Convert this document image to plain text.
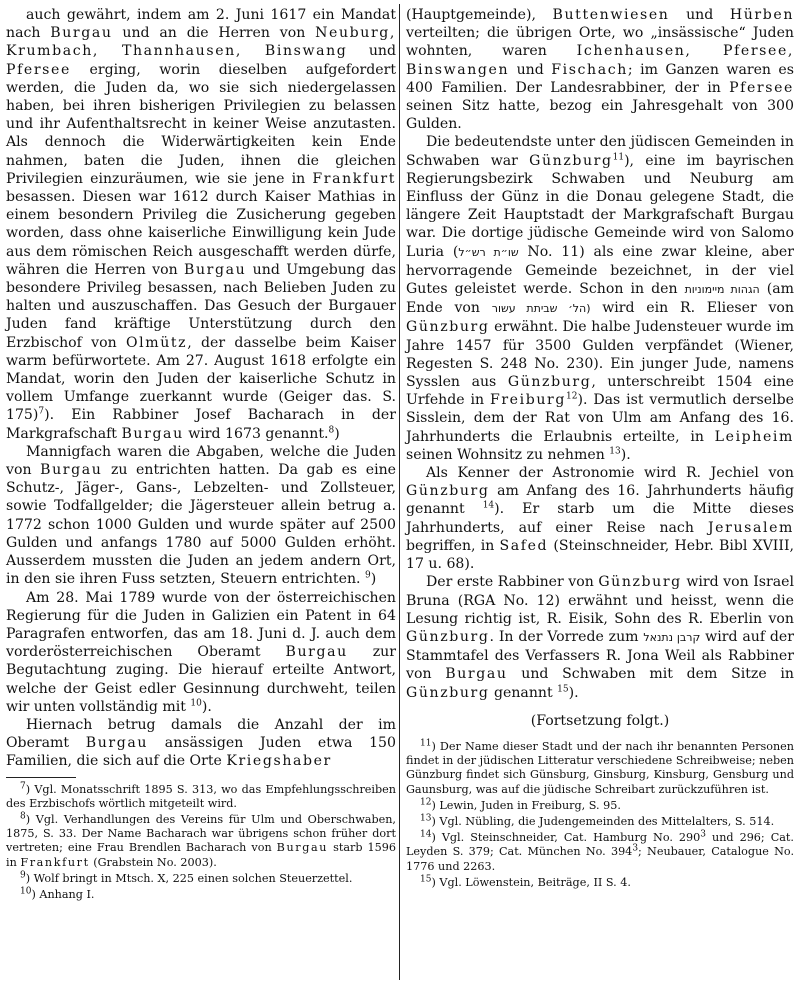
auch gewährt, indem am 2. Juni 1617 ein Mandat nach Burgau und an die Herren von Neuburg, Krumbach, Thannhausen, Binswang und Pfersee erging, worin dieselben aufgefordert werden, die Juden da, wo sie sich niedergelassen haben, bei ihren bisherigen Privilegien zu belassen und ihr Aufenthaltsrecht in keiner Weise anzutasten. Als dennoch die Widerwärtigkeiten kein Ende nahmen, baten die Juden, ihnen die gleichen Privilegien einzuräumen, wie sie jene in Frankfurt besassen. Diesen war 1612 durch Kaiser Mathias in einem besondern Privileg die Zusicherung gegeben worden, dass ohne kaiserliche Einwilligung kein Jude aus dem römischen Reich ausgeschafft werden dürfe, währen die Herren von Burgau und Umgebung das besondere Privileg besassen, nach Belieben Juden zu halten und auszuschaffen. Das Gesuch der Burgauer Juden fand kräftige Unterstützung durch den Erzbischof von Olmütz, der dasselbe beim Kaiser warm befürwortete. Am 27. August 1618 erfolgte ein Mandat, worin den Juden der kaiserliche Schutz in vollem Umfange zuerkannt wurde (Geiger das. S. 175)$^7$). Ein Rabbiner Josef Bacharach in der Markgrafschaft Burgau wird 1673 genannt.$^8$)

Mannigfach waren die Abgaben, welche die Juden von Burgau zu entrichten hatten. Da gab es eine Schutz-, Jäger-, Gans-, Lebzelten- und Zollsteuer, sowie Todfallgelder; die Jägersteuer allein betrug a. 1772 schon 1000 Gulden und wurde später auf 2500 Gulden und anfangs 1780 auf 5000 Gulden erhöht. Ausserdem mussten die Juden an jedem andern Ort, in den sie ihren Fuss setzten, Steuern entrichten. $^9$)

Am 28. Mai 1789 wurde von der österreichischen Regierung für die Juden in Galizien ein Patent in 64 Paragrafen entworfen, das am 18. Juni d. J. auch dem vorderösterreichischen Oberamt Burgau zur Begutachtung zuging. Die hierauf erteilte Antwort, welche der Geist edler Gesinnung durchweht, teilen wir unten vollständig mit $^{10}$).

Hiernach betrug damals die Anzahl der im Oberamt Burgau ansässigen Juden etwa 150 Familien, die sich auf die Orte Kriegshaber

$^7$) Vgl. Monatsschrift 1895 S. 313, wo das Empfehlungsschreiben des Erzbischofs wörtlich mitgeteilt wird.

$^8$) Vgl. Verhandlungen des Vereins für Ulm und Oberschwaben, 1875, S. 33. Der Name Bacharach war übrigens schon früher dort vertreten; eine Frau Brendlen Bacharach von Burgau starb 1596 in Frankfurt (Grabstein No. 2003).

$^9$) Wolf bringt in Mtsch. X, 225 einen solchen Steuerzettel.

$^{10}$) Anhang I.

(Hauptgemeinde), Buttenwiesen und Hürben verteilten; die übrigen Orte, wo „insässische“ Juden wohnten, waren Ichenhausen, Pfersee, Binswangen und Fischach; im Ganzen waren es 400 Familien. Der Landesrabbiner, der in Pfersee seinen Sitz hatte, bezog ein Jahresgehalt von 300 Gulden.

Die bedeutendste unter den jüdiscen Gemeinden in Schwaben war Günzburg$^{11}$), eine im bayrischen Regierungsbezirk Schwaben und Neuburg am Einfluss der Günz in die Donau gelegene Stadt, die längere Zeit Hauptstadt der Markgrafschaft Burgau war. Die dortige jüdische Gemeinde wird von Salomo Luria (שו״ת רש״ל No. 11) als eine zwar kleine, aber hervorragende Gemeinde bezeichnet, in der viel Gutes geleistet werde. Schon in den הגהות מיימוניות (am Ende von (הל׳ שביתת עשור wird ein R. Elieser von Günzburg erwähnt. Die halbe Judensteuer wurde im Jahre 1457 für 3500 Gulden verpfändet (Wiener, Regesten S. 248 No. 230). Ein junger Jude, namens Sysslen aus Günzburg, unterschreibt 1504 eine Urfehde in Freiburg$^{12}$). Das ist vermutlich derselbe Sisslein, dem der Rat von Ulm am Anfang des 16. Jahrhunderts die Erlaubnis erteilte, in Leipheim seinen Wohnsitz zu nehmen $^{13}$).

Als Kenner der Astronomie wird R. Jechiel von Günzburg am Anfang des 16. Jahrhunderts häufig genannt $^{14}$). Er starb um die Mitte dieses Jahrhunderts, auf einer Reise nach Jerusalem begriffen, in Safed (Steinschneider, Hebr. Bibl XVIII, 17 u. 68).

Der erste Rabbiner von Günzburg wird von Israel Bruna (RGA No. 12) erwähnt und heisst, wenn die Lesung richtig ist, R. Eisik, Sohn des R. Eberlin von Günzburg. In der Vorrede zum קרבן נתנאל wird auf der Stammtafel des Verfassers R. Jona Weil als Rabbiner von Burgau und Schwaben mit dem Sitze in Günzburg genannt $^{15}$).

(Fortsetzung folgt.)

$^{11}$) Der Name dieser Stadt und der nach ihr benannten Personen findet in der jüdischen Litteratur verschiedene Schreibweise; neben Günzburg findet sich Günsburg, Ginsburg, Kinsburg, Gensburg und Gaunsburg, was auf die jüdische Schreibart zurückzuführen ist.

$^{12}$) Lewin, Juden in Freiburg, S. 95.

$^{13}$) Vgl. Nübling, die Judengemeinden des Mittelalters, S. 514.

$^{14}$) Vgl. Steinschneider, Cat. Hamburg No. $290^3$ und 296; Cat. Leyden S. 379; Cat. München No. $394^3$; Neubauer, Catalogue No. 1776 und 2263.

$^{15}$) Vgl. Löwenstein, Beiträge, II S. 4.
